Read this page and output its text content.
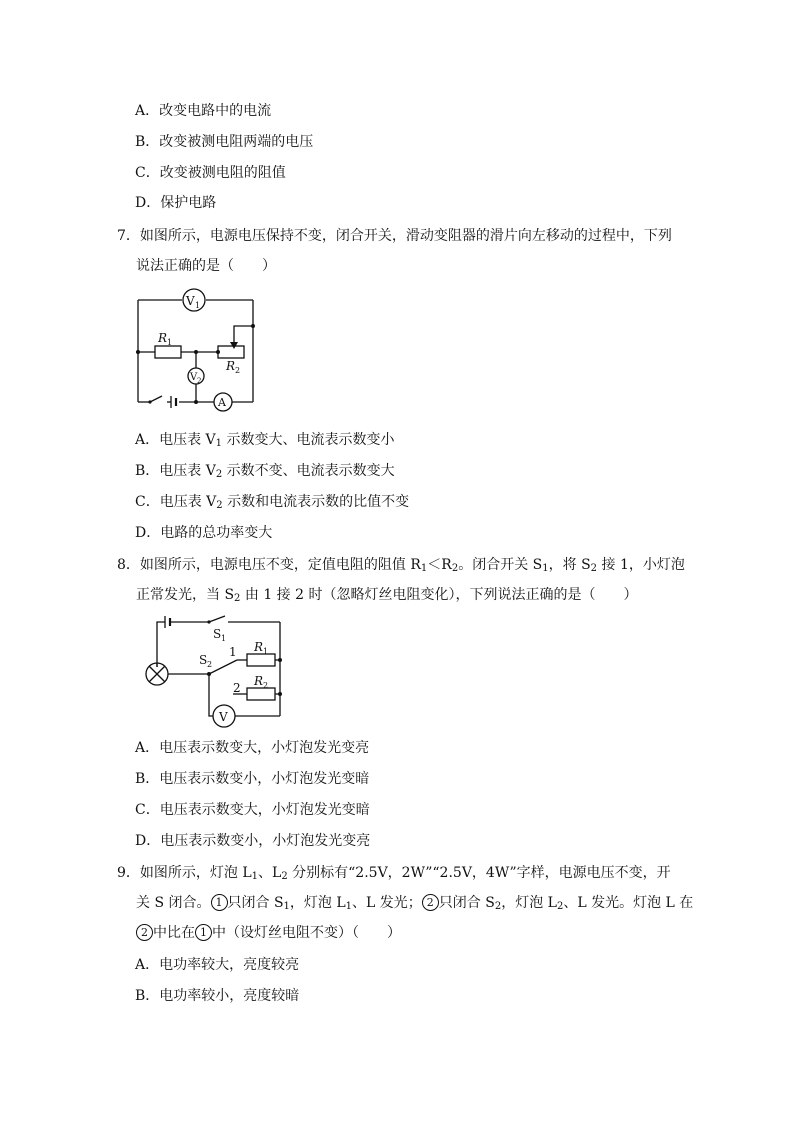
A．改变电路中的电流
B．改变被测电阻两端的电压
C．改变被测电阻的阻值
D．保护电路
7．如图所示，电源电压保持不变，闭合开关，滑动变阻器的滑片向左移动的过程中，下列
说法正确的是（　　）
V 1
R 1
R 2
V 2
A
A．电压表 $V_1$ 示数变大、电流表示数变小
B．电压表 $V_2$ 示数不变、电流表示数变大
C．电压表 $V_2$ 示数和电流表示数的比值不变
D．电路的总功率变大
8．如图所示，电源电压不变，定值电阻的阻值 $R_1<R_2$。闭合开关 $S_1$，将 $S_2$ 接 1，小灯泡
正常发光，当 $S_2$ 由 1 接 2 时（忽略灯丝电阻变化），下列说法正确的是（　　）
S 1
S 2
1
2
R 1
R 2
V
A．电压表示数变大，小灯泡发光变亮
B．电压表示数变小，小灯泡发光变暗
C．电压表示数变大，小灯泡发光变暗
D．电压表示数变小，小灯泡发光变亮
9．如图所示，灯泡 $L_1$、$L_2$ 分别标有“2.5V，2W”“2.5V，4W”字样，电源电压不变，开
关 S 闭合。 1 只闭合 $S_1$，灯泡 $L_1$、L 发光； 2 只闭合 $S_2$，灯泡 $L_2$、L 发光。灯泡 L 在
2 中比在 1 中（设灯丝电阻不变）（　　）
A．电功率较大，亮度较亮
B．电功率较小，亮度较暗
